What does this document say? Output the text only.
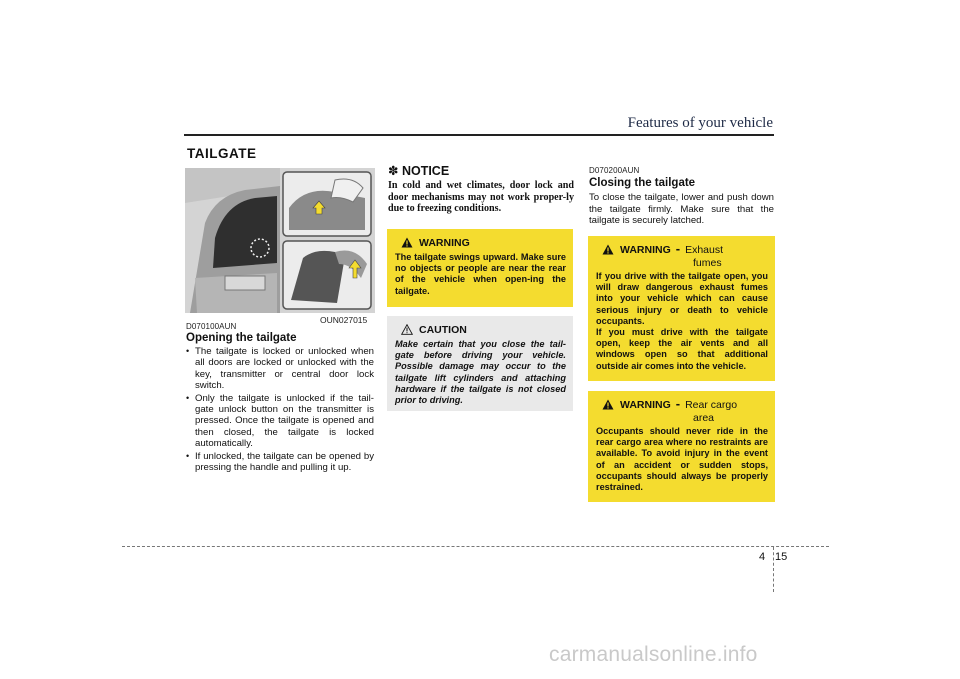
Features of your vehicle
TAILGATE
OUN027015
D070100AUN
Opening the tailgate
• The tailgate is locked or unlocked when all doors are locked or unlocked with the key, transmitter or central door lock switch.
• Only the tailgate is unlocked if the tail-gate unlock button on the transmitter is pressed. Once the tailgate is opened and then closed, the tailgate is locked automatically.
• If unlocked, the tailgate can be opened by pressing the handle and pulling it up.
✽ NOTICE
In cold and wet climates, door lock and door mechanisms may not work proper-ly due to freezing conditions.
WARNING
The tailgate swings upward. Make sure no objects or people are near the rear of the vehicle when open-ing the tailgate.
CAUTION
Make certain that you close the tail-gate before driving your vehicle. Possible damage may occur to the tailgate lift cylinders and attaching hardware if the tailgate is not closed prior to driving.
D070200AUN
Closing the tailgate
To close the tailgate, lower and push down the tailgate firmly. Make sure that the tailgate is securely latched.
WARNING - Exhaust
fumes
If you drive with the tailgate open, you will draw dangerous exhaust fumes into your vehicle which can cause serious injury or death to vehicle occupants.
If you must drive with the tailgate open, keep the air vents and all windows open so that additional outside air comes into the vehicle.
WARNING - Rear cargo
area
Occupants should never ride in the rear cargo area where no restraints are available. To avoid injury in the event of an accident or sudden stops, occupants should always be properly restrained.
4 15
carmanualsonline.info
